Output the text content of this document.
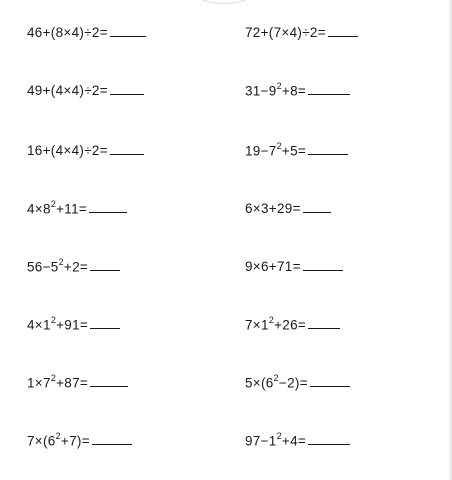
46+(8×4)÷2=
49+(4×4)÷2=
16+(4×4)÷2=
$4\times 8^2+11=$
$56-5^2+2=$
$4\times 1^2+91=$
$1\times 7^2+87=$
$7\times(6^2+7)=$
72+(7×4)÷2=
$31-9^2+8=$
$19-7^2+5=$
6×3+29=
9×6+71=
$7\times 1^2+26=$
$5\times(6^2-2)=$
$97-1^2+4=$
